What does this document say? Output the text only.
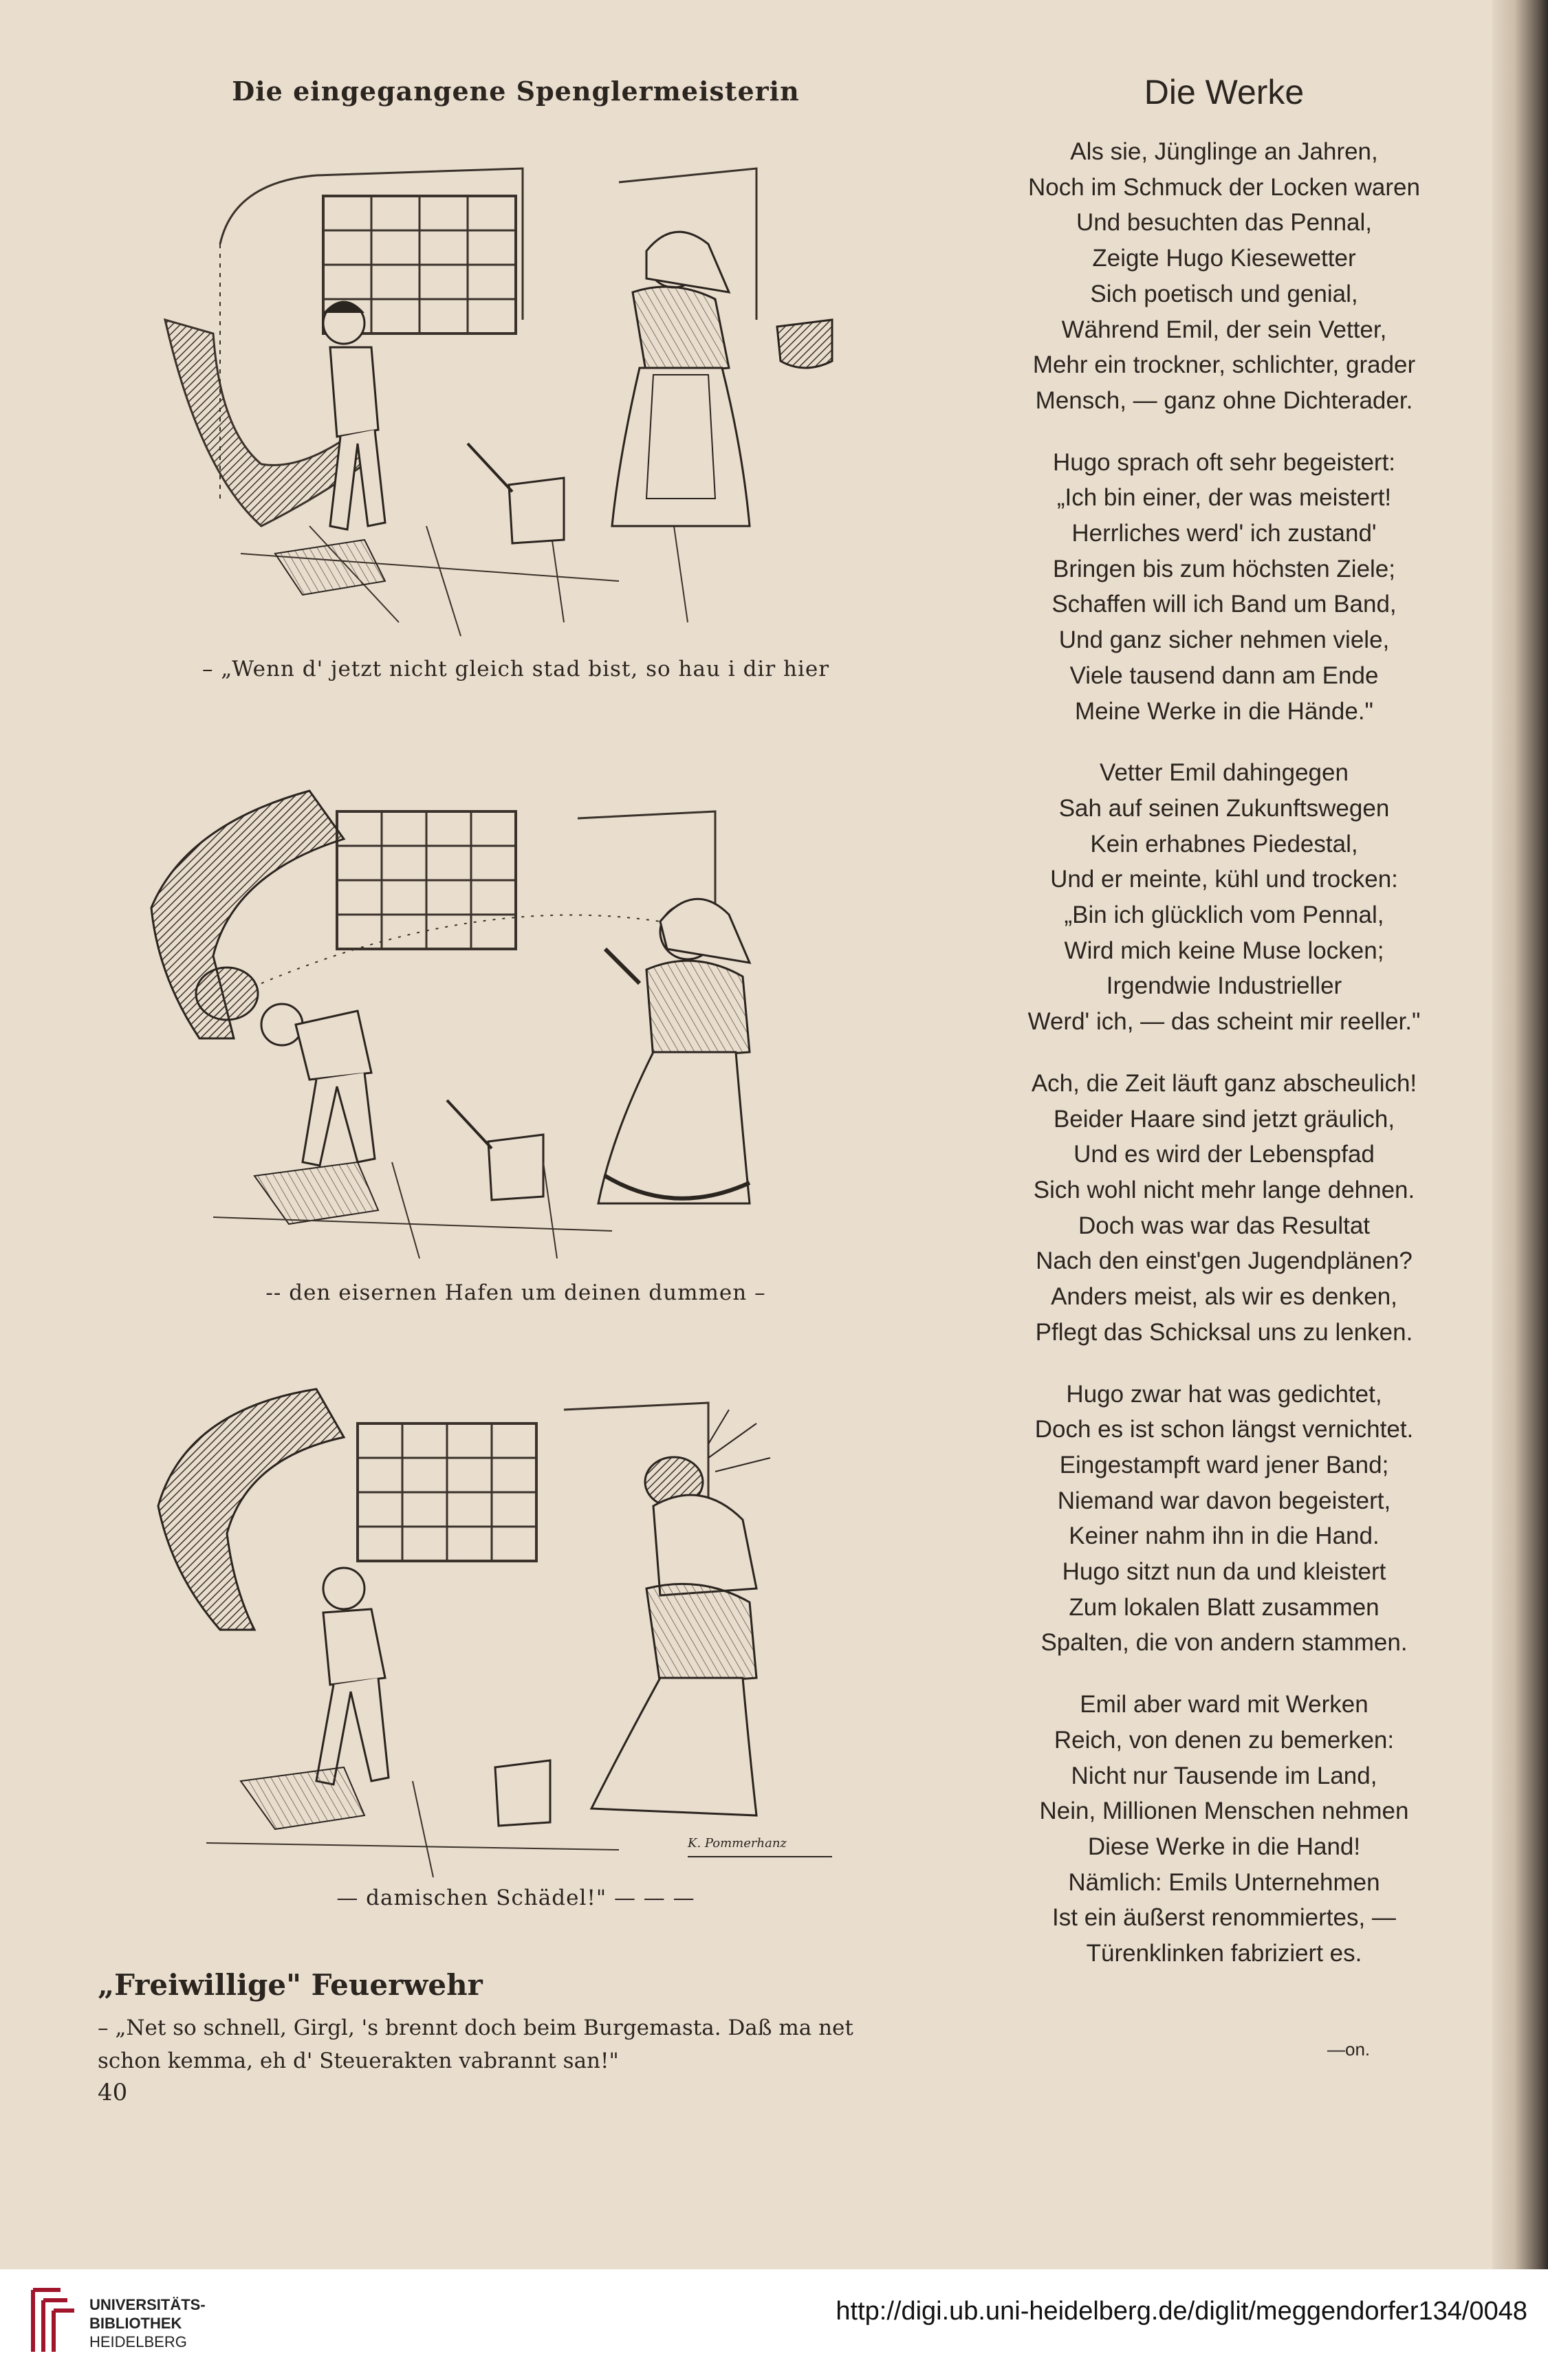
Die eingegangene Spenglermeisterin	Die Werke
– „Wenn d' jetzt nicht gleich stad bist, so hau i dir hier
-- den eisernen Hafen um deinen dummen –
K. Pommerhanz
— damischen Schädel!" — — —
„Freiwillige" Feuerwehr
– „Net so schnell, Girgl, 's brennt doch beim Burgemasta. Daß ma net
schon kemma, eh d' Steuerakten vabrannt san!"
40
Als sie, Jünglinge an Jahren,
Noch im Schmuck der Locken waren
Und besuchten das Pennal,
Zeigte Hugo Kiesewetter
Sich poetisch und genial,
Während Emil, der sein Vetter,
Mehr ein trockner, schlichter, grader
Mensch, — ganz ohne Dichterader.
Hugo sprach oft sehr begeistert:
„Ich bin einer, der was meistert!
Herrliches werd' ich zustand'
Bringen bis zum höchsten Ziele;
Schaffen will ich Band um Band,
Und ganz sicher nehmen viele,
Viele tausend dann am Ende
Meine Werke in die Hände."
Vetter Emil dahingegen
Sah auf seinen Zukunftswegen
Kein erhabnes Piedestal,
Und er meinte, kühl und trocken:
„Bin ich glücklich vom Pennal,
Wird mich keine Muse locken;
Irgendwie Industrieller
Werd' ich, — das scheint mir reeller."
Ach, die Zeit läuft ganz abscheulich!
Beider Haare sind jetzt gräulich,
Und es wird der Lebenspfad
Sich wohl nicht mehr lange dehnen.
Doch was war das Resultat
Nach den einst'gen Jugendplänen?
Anders meist, als wir es denken,
Pflegt das Schicksal uns zu lenken.
Hugo zwar hat was gedichtet,
Doch es ist schon längst vernichtet.
Eingestampft ward jener Band;
Niemand war davon begeistert,
Keiner nahm ihn in die Hand.
Hugo sitzt nun da und kleistert
Zum lokalen Blatt zusammen
Spalten, die von andern stammen.
Emil aber ward mit Werken
Reich, von denen zu bemerken:
Nicht nur Tausende im Land,
Nein, Millionen Menschen nehmen
Diese Werke in die Hand!
Nämlich: Emils Unternehmen
Ist ein äußerst renommiertes, —
Türenklinken fabriziert es.
—on.
UNIVERSITÄTS-
BIBLIOTHEK
HEIDELBERG
http://digi.ub.uni-heidelberg.de/diglit/meggendorfer134/0048
